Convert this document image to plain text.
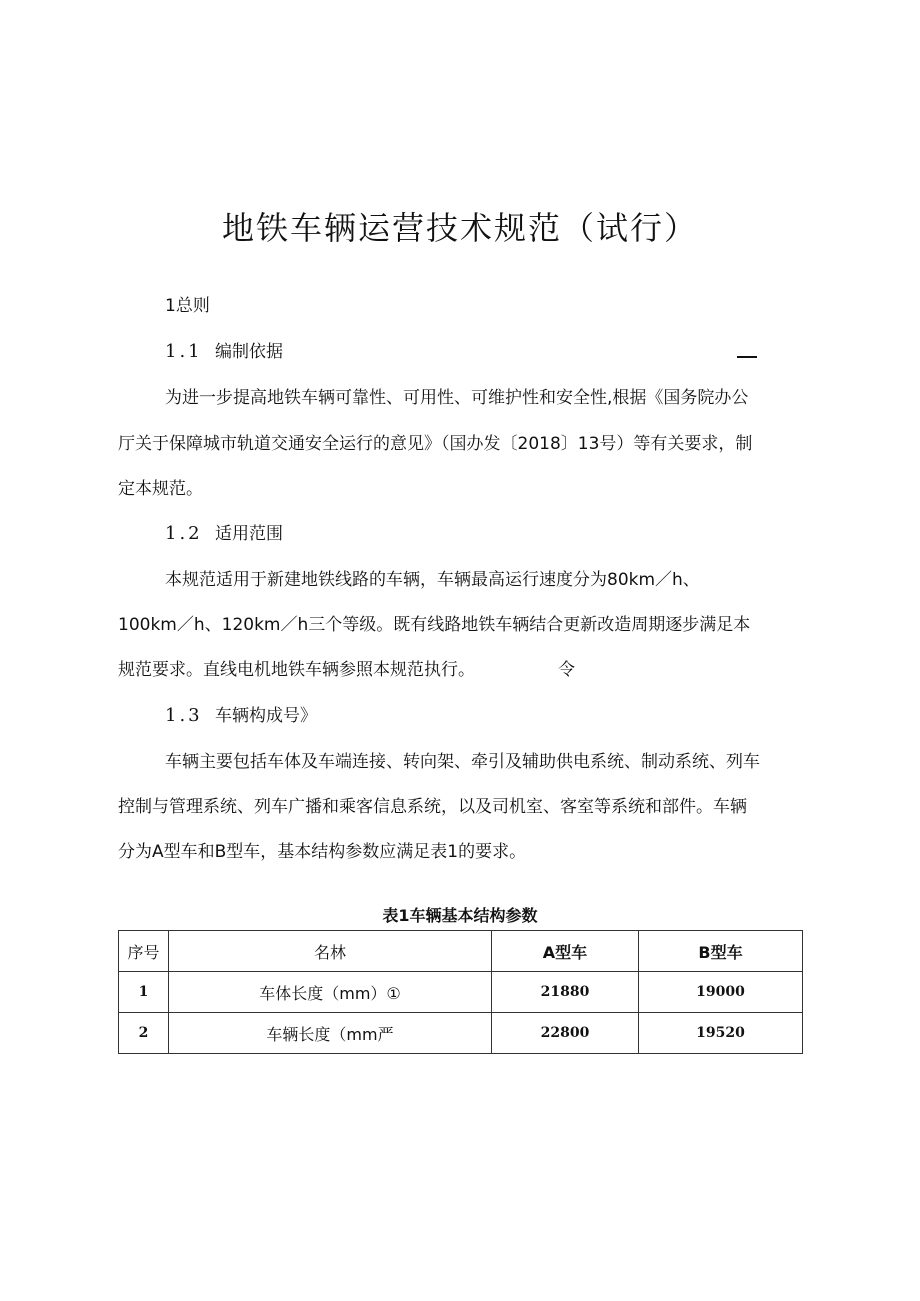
地铁车辆运营技术规范（试行）
1总则
1.1 编制依据
为进一步提高地铁车辆可靠性、可用性、可维护性和安全性,根据《国务院办公
厅关于保障城市轨道交通安全运行的意见》（国办发〔2018〕13号）等有关要求，制
定本规范。
1.2 适用范围
本规范适用于新建地铁线路的车辆，车辆最高运行速度分为80km／h、
100km／h、120km／h三个等级。既有线路地铁车辆结合更新改造周期逐步满足本
规范要求。直线电机地铁车辆参照本规范执行。	令
1.3 车辆构成号》
车辆主要包括车体及车端连接、转向架、牵引及辅助供电系统、制动系统、列车
控制与管理系统、列车广播和乘客信息系统，以及司机室、客室等系统和部件。车辆
分为A型车和B型车，基本结构参数应满足表1的要求。
表1车辆基本结构参数
序号	名林	A型车	B型车
1	车体长度（mm）①	21880	19000
2	车辆长度（mm严	22800	19520
